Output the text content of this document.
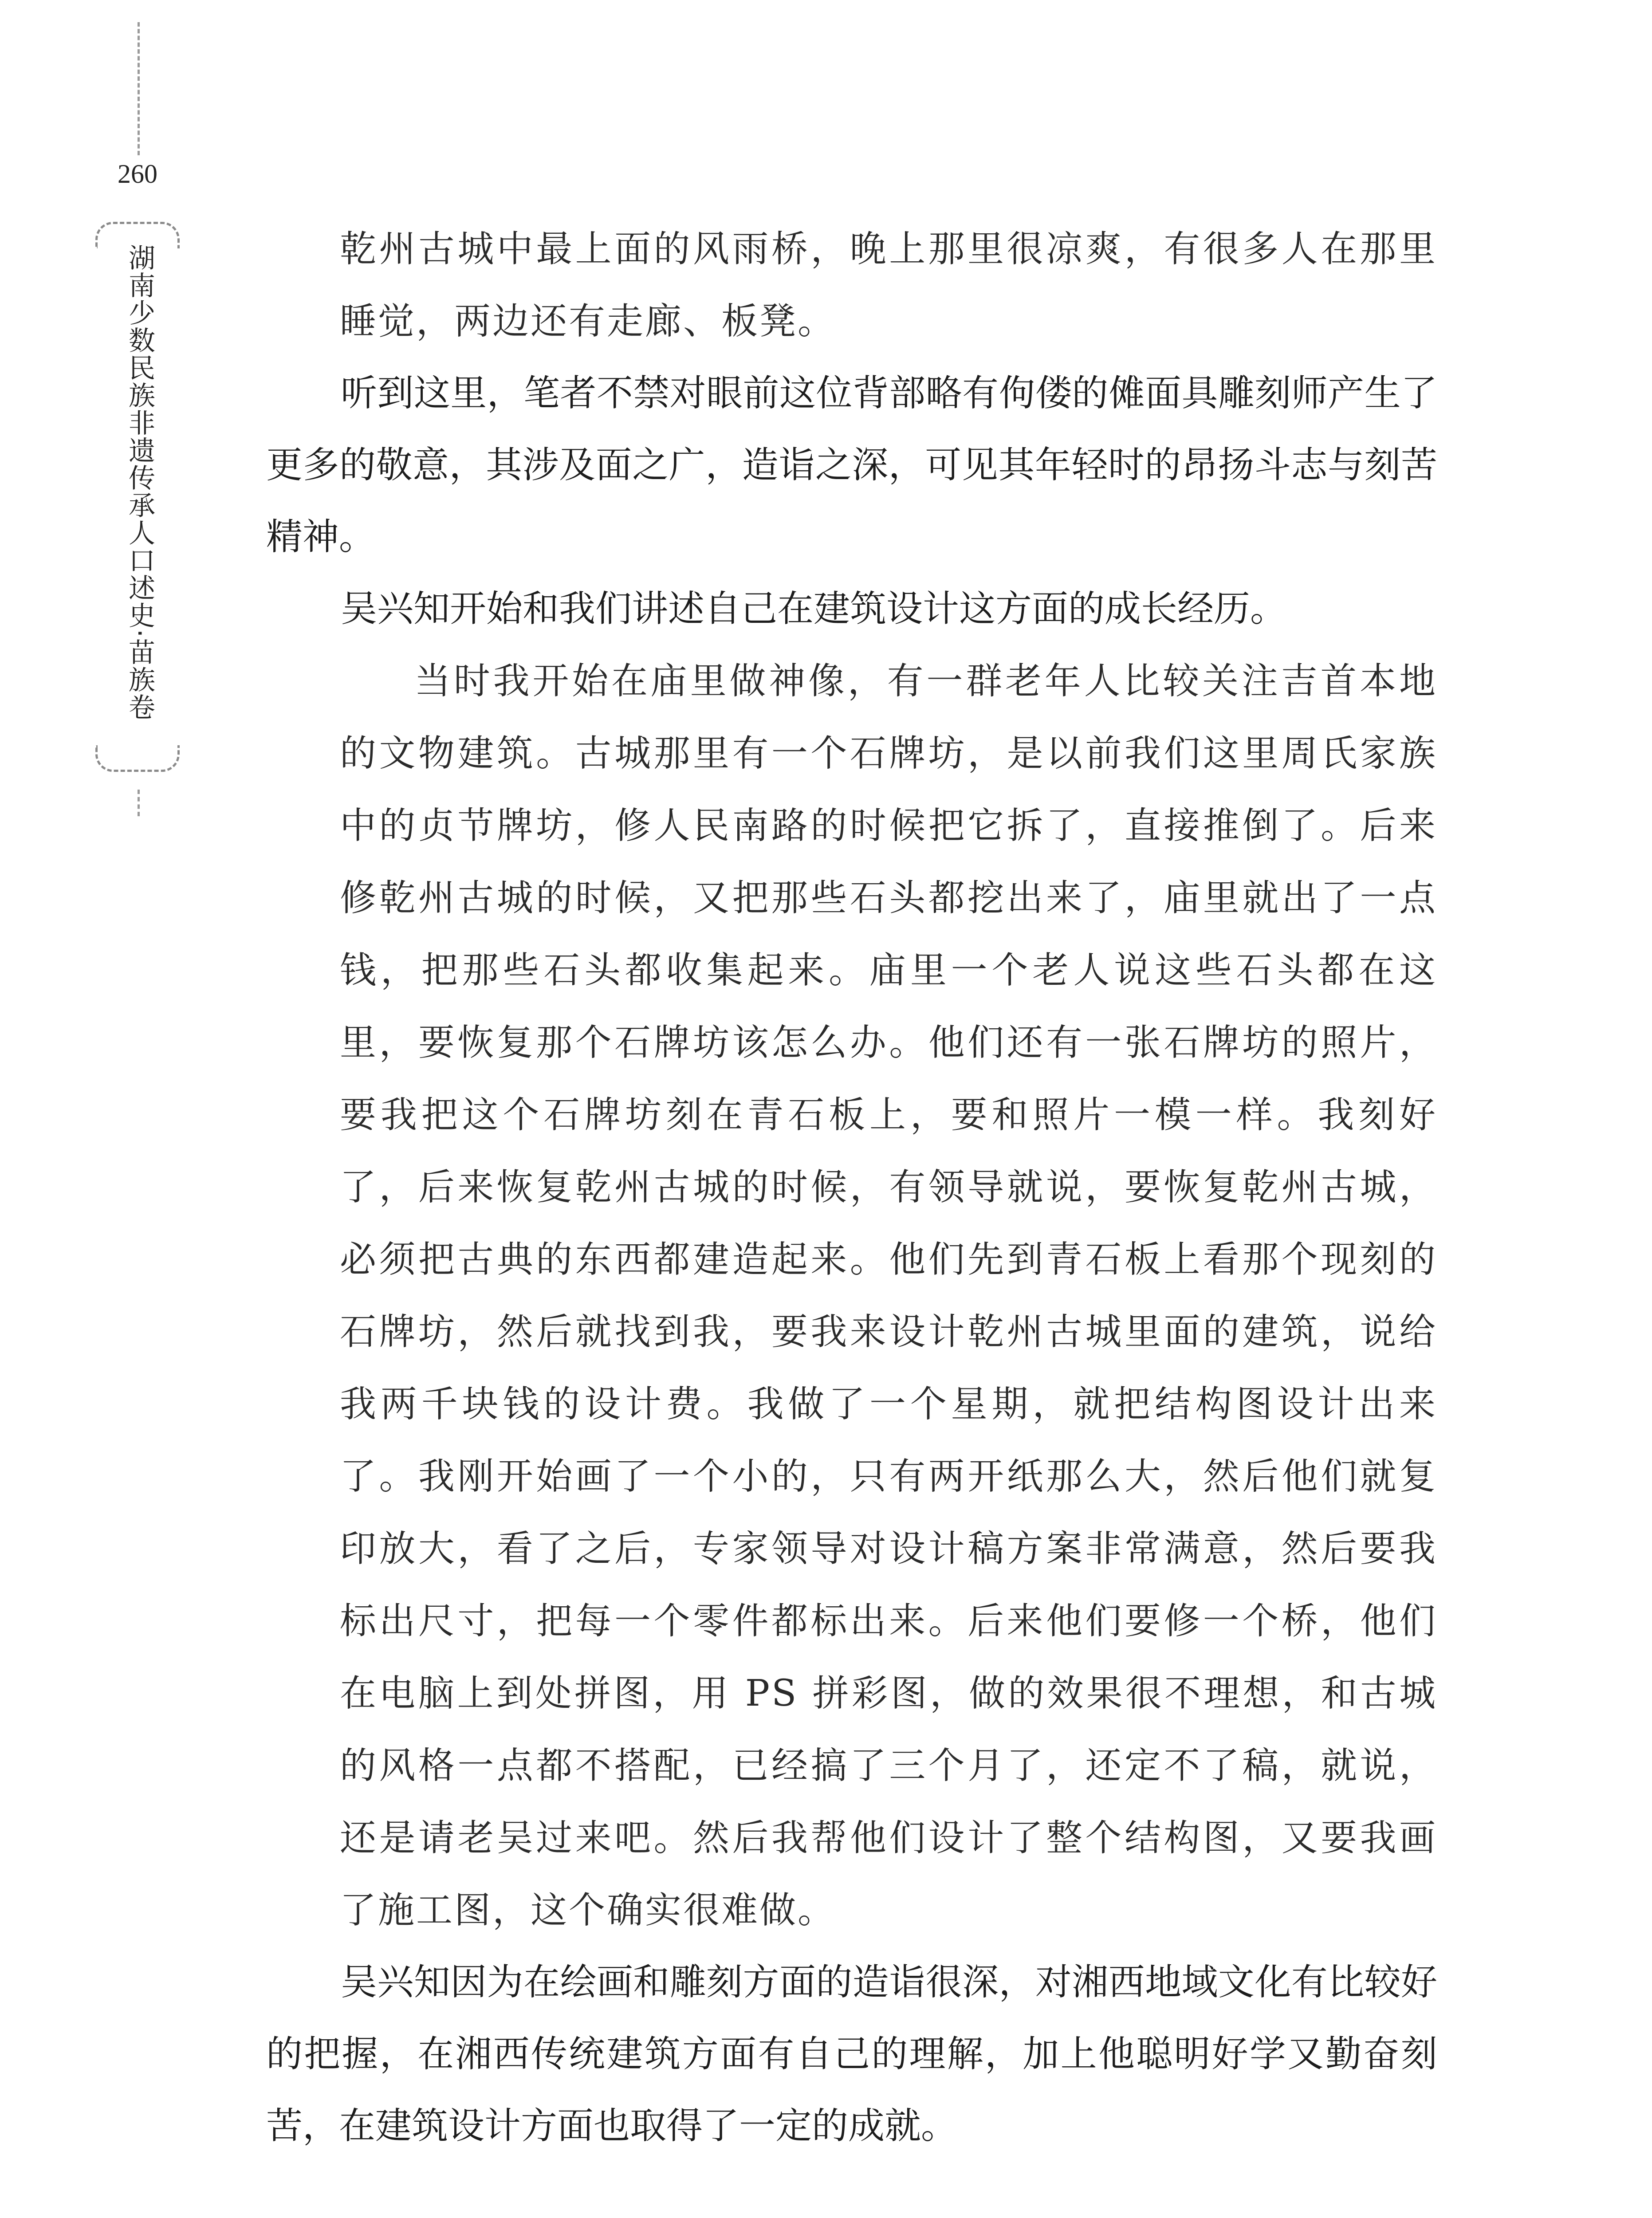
260
湖南少数民族非遗传承人口述史·苗族卷	乾州古城中最上面的风雨桥，晚上那里很凉爽，有很多人在那里睡觉，两边还有走廊、板凳。

听到这里，笔者不禁对眼前这位背部略有佝偻的傩面具雕刻师产生了更多的敬意，其涉及面之广，造诣之深，可见其年轻时的昂扬斗志与刻苦精神。

吴兴知开始和我们讲述自己在建筑设计这方面的成长经历。

当时我开始在庙里做神像，有一群老年人比较关注吉首本地的文物建筑。古城那里有一个石牌坊，是以前我们这里周氏家族中的贞节牌坊，修人民南路的时候把它拆了，直接推倒了。后来修乾州古城的时候，又把那些石头都挖出来了，庙里就出了一点钱，把那些石头都收集起来。庙里一个老人说这些石头都在这里，要恢复那个石牌坊该怎么办。他们还有一张石牌坊的照片，要我把这个石牌坊刻在青石板上，要和照片一模一样。我刻好了，后来恢复乾州古城的时候，有领导就说，要恢复乾州古城，必须把古典的东西都建造起来。他们先到青石板上看那个现刻的石牌坊，然后就找到我，要我来设计乾州古城里面的建筑，说给我两千块钱的设计费。我做了一个星期，就把结构图设计出来了。我刚开始画了一个小的，只有两开纸那么大，然后他们就复印放大，看了之后，专家领导对设计稿方案非常满意，然后要我标出尺寸，把每一个零件都标出来。后来他们要修一个桥，他们在电脑上到处拼图，用 PS 拼彩图，做的效果很不理想，和古城的风格一点都不搭配，已经搞了三个月了，还定不了稿，就说，还是请老吴过来吧。然后我帮他们设计了整个结构图，又要我画了施工图，这个确实很难做。

吴兴知因为在绘画和雕刻方面的造诣很深，对湘西地域文化有比较好的把握，在湘西传统建筑方面有自己的理解，加上他聪明好学又勤奋刻苦，在建筑设计方面也取得了一定的成就。
